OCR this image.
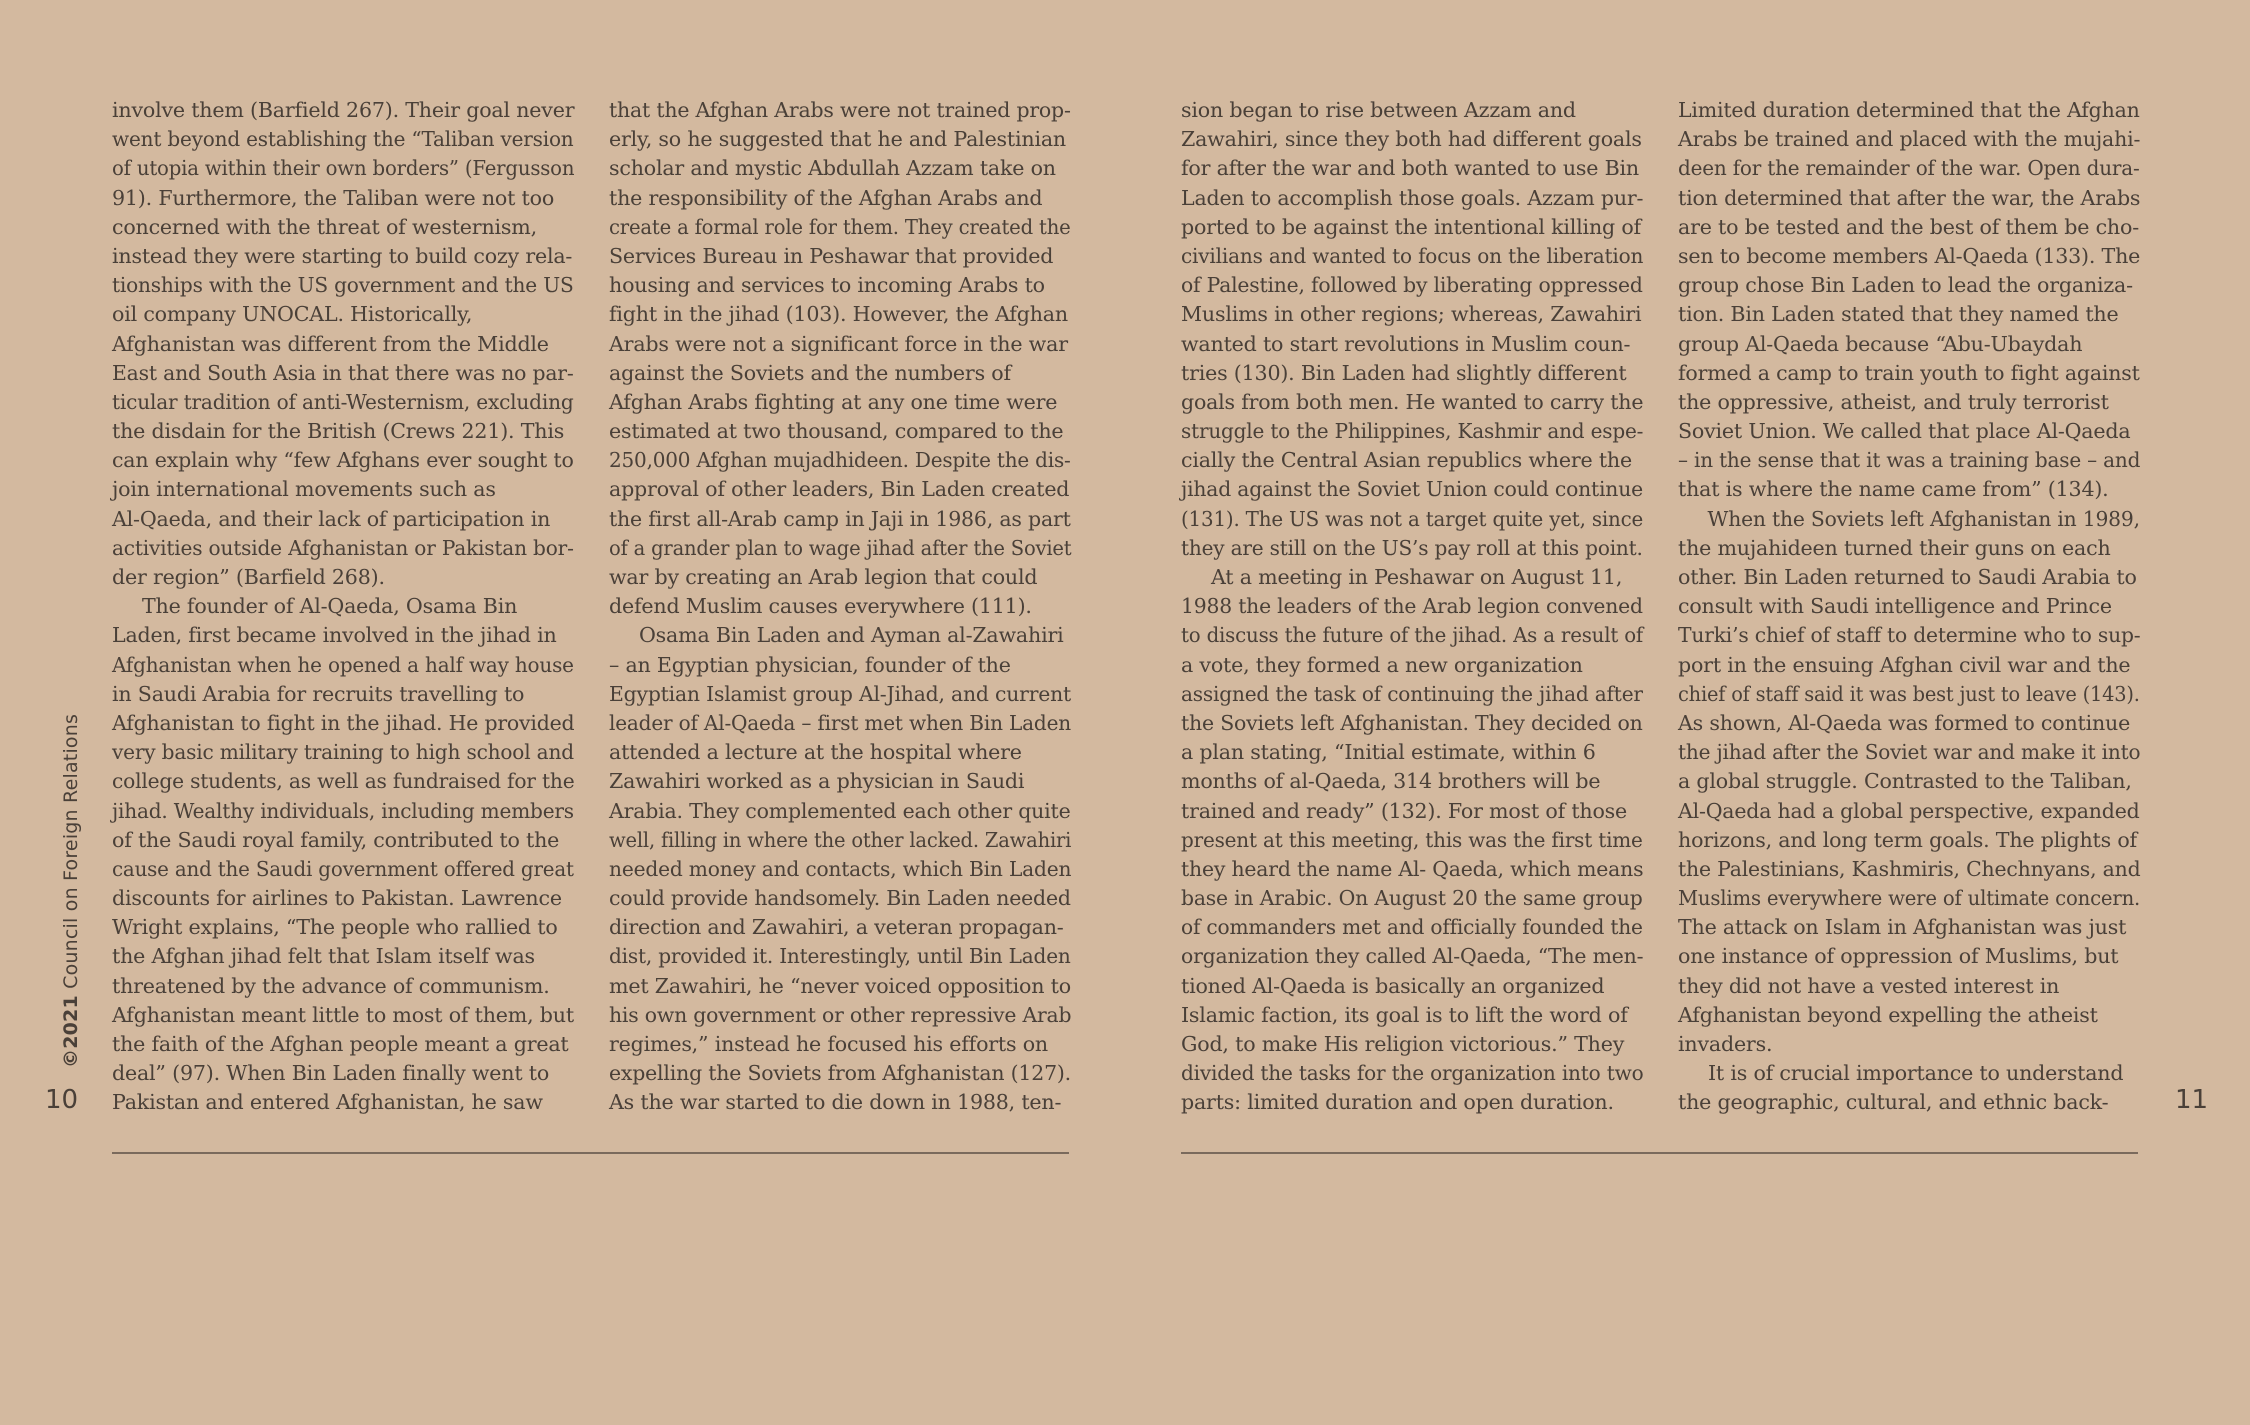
involve them (Barfield 267). Their goal never
went beyond establishing the “Taliban version
of utopia within their own borders” (Fergusson
91). Furthermore, the Taliban were not too
concerned with the threat of westernism,
instead they were starting to build cozy rela-
tionships with the US government and the US
oil company UNOCAL. Historically,
Afghanistan was different from the Middle
East and South Asia in that there was no par-
ticular tradition of anti-Westernism, excluding
the disdain for the British (Crews 221). This
can explain why “few Afghans ever sought to
join international movements such as
Al-Qaeda, and their lack of participation in
activities outside Afghanistan or Pakistan bor-
der region” (Barfield 268).
The founder of Al-Qaeda, Osama Bin
Laden, first became involved in the jihad in
Afghanistan when he opened a half way house
in Saudi Arabia for recruits travelling to
Afghanistan to fight in the jihad. He provided
very basic military training to high school and
college students, as well as fundraised for the
jihad. Wealthy individuals, including members
of the Saudi royal family, contributed to the
cause and the Saudi government offered great
discounts for airlines to Pakistan. Lawrence
Wright explains, “The people who rallied to
the Afghan jihad felt that Islam itself was
threatened by the advance of communism.
Afghanistan meant little to most of them, but
the faith of the Afghan people meant a great
deal” (97). When Bin Laden finally went to
Pakistan and entered Afghanistan, he saw
that the Afghan Arabs were not trained prop-
erly, so he suggested that he and Palestinian
scholar and mystic Abdullah Azzam take on
the responsibility of the Afghan Arabs and
create a formal role for them. They created the
Services Bureau in Peshawar that provided
housing and services to incoming Arabs to
fight in the jihad (103). However, the Afghan
Arabs were not a significant force in the war
against the Soviets and the numbers of
Afghan Arabs fighting at any one time were
estimated at two thousand, compared to the
250,000 Afghan mujadhideen. Despite the dis-
approval of other leaders, Bin Laden created
the first all-Arab camp in Jaji in 1986, as part
of a grander plan to wage jihad after the Soviet
war by creating an Arab legion that could
defend Muslim causes everywhere (111).
Osama Bin Laden and Ayman al-Zawahiri
– an Egyptian physician, founder of the
Egyptian Islamist group Al-Jihad, and current
leader of Al-Qaeda – first met when Bin Laden
attended a lecture at the hospital where
Zawahiri worked as a physician in Saudi
Arabia. They complemented each other quite
well, filling in where the other lacked. Zawahiri
needed money and contacts, which Bin Laden
could provide handsomely. Bin Laden needed
direction and Zawahiri, a veteran propagan-
dist, provided it. Interestingly, until Bin Laden
met Zawahiri, he “never voiced opposition to
his own government or other repressive Arab
regimes,” instead he focused his efforts on
expelling the Soviets from Afghanistan (127).
As the war started to die down in 1988, ten-
sion began to rise between Azzam and
Zawahiri, since they both had different goals
for after the war and both wanted to use Bin
Laden to accomplish those goals. Azzam pur-
ported to be against the intentional killing of
civilians and wanted to focus on the liberation
of Palestine, followed by liberating oppressed
Muslims in other regions; whereas, Zawahiri
wanted to start revolutions in Muslim coun-
tries (130). Bin Laden had slightly different
goals from both men. He wanted to carry the
struggle to the Philippines, Kashmir and espe-
cially the Central Asian republics where the
jihad against the Soviet Union could continue
(131). The US was not a target quite yet, since
they are still on the US’s pay roll at this point.
At a meeting in Peshawar on August 11,
1988 the leaders of the Arab legion convened
to discuss the future of the jihad. As a result of
a vote, they formed a new organization
assigned the task of continuing the jihad after
the Soviets left Afghanistan. They decided on
a plan stating, “Initial estimate, within 6
months of al-Qaeda, 314 brothers will be
trained and ready” (132). For most of those
present at this meeting, this was the first time
they heard the name Al- Qaeda, which means
base in Arabic. On August 20 the same group
of commanders met and officially founded the
organization they called Al-Qaeda, “The men-
tioned Al-Qaeda is basically an organized
Islamic faction, its goal is to lift the word of
God, to make His religion victorious.” They
divided the tasks for the organization into two
parts: limited duration and open duration.
Limited duration determined that the Afghan
Arabs be trained and placed with the mujahi-
deen for the remainder of the war. Open dura-
tion determined that after the war, the Arabs
are to be tested and the best of them be cho-
sen to become members Al-Qaeda (133). The
group chose Bin Laden to lead the organiza-
tion. Bin Laden stated that they named the
group Al-Qaeda because “Abu-Ubaydah
formed a camp to train youth to fight against
the oppressive, atheist, and truly terrorist
Soviet Union. We called that place Al-Qaeda
– in the sense that it was a training base – and
that is where the name came from” (134).
When the Soviets left Afghanistan in 1989,
the mujahideen turned their guns on each
other. Bin Laden returned to Saudi Arabia to
consult with Saudi intelligence and Prince
Turki’s chief of staff to determine who to sup-
port in the ensuing Afghan civil war and the
chief of staff said it was best just to leave (143).
As shown, Al-Qaeda was formed to continue
the jihad after the Soviet war and make it into
a global struggle. Contrasted to the Taliban,
Al-Qaeda had a global perspective, expanded
horizons, and long term goals. The plights of
the Palestinians, Kashmiris, Chechnyans, and
Muslims everywhere were of ultimate concern.
The attack on Islam in Afghanistan was just
one instance of oppression of Muslims, but
they did not have a vested interest in
Afghanistan beyond expelling the atheist
invaders.
It is of crucial importance to understand
the geographic, cultural, and ethnic back-
©2021 Council on Foreign Relations
10	11
